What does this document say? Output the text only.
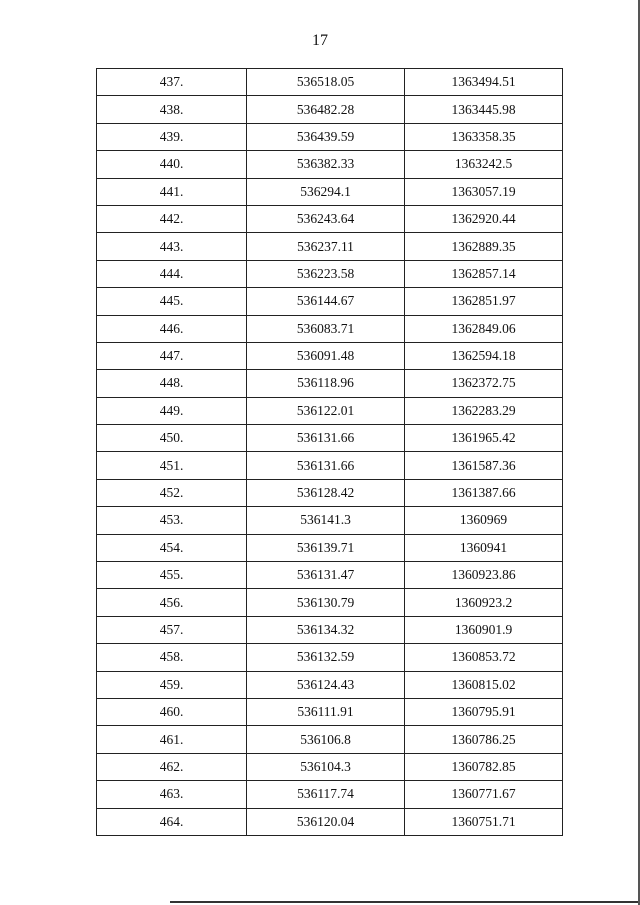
17
437.	536518.05	1363494.51
438.	536482.28	1363445.98
439.	536439.59	1363358.35
440.	536382.33	1363242.5
441.	536294.1	1363057.19
442.	536243.64	1362920.44
443.	536237.11	1362889.35
444.	536223.58	1362857.14
445.	536144.67	1362851.97
446.	536083.71	1362849.06
447.	536091.48	1362594.18
448.	536118.96	1362372.75
449.	536122.01	1362283.29
450.	536131.66	1361965.42
451.	536131.66	1361587.36
452.	536128.42	1361387.66
453.	536141.3	1360969
454.	536139.71	1360941
455.	536131.47	1360923.86
456.	536130.79	1360923.2
457.	536134.32	1360901.9
458.	536132.59	1360853.72
459.	536124.43	1360815.02
460.	536111.91	1360795.91
461.	536106.8	1360786.25
462.	536104.3	1360782.85
463.	536117.74	1360771.67
464.	536120.04	1360751.71
